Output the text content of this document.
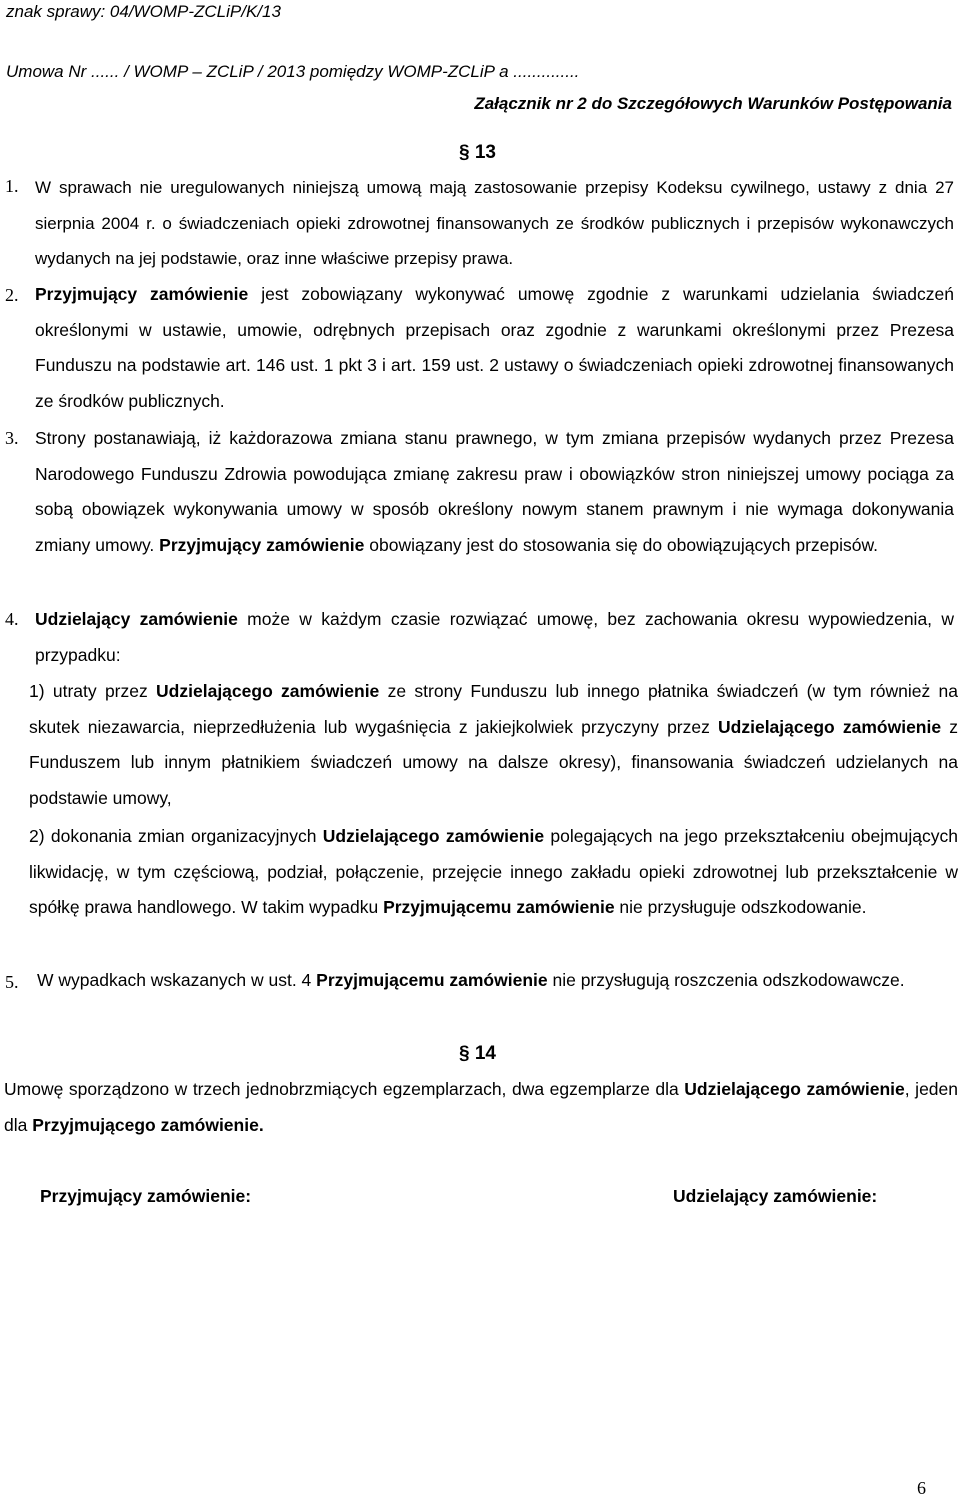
znak sprawy: 04/WOMP-ZCLiP/K/13
Umowa Nr ...... / WOMP – ZCLiP / 2013 pomiędzy WOMP-ZCLiP a ..............
Załącznik nr 2 do Szczegółowych Warunków Postępowania
§ 13
1. W sprawach nie uregulowanych niniejszą umową mają zastosowanie przepisy Kodeksu cywilnego, ustawy z dnia 27 sierpnia 2004 r. o świadczeniach opieki zdrowotnej finansowanych ze środków publicznych i przepisów wykonawczych wydanych na jej podstawie, oraz inne właściwe przepisy prawa.
2. Przyjmujący zamówienie jest zobowiązany wykonywać umowę zgodnie z warunkami udzielania świadczeń określonymi w ustawie, umowie, odrębnych przepisach oraz zgodnie z warunkami określonymi przez Prezesa Funduszu na podstawie art. 146 ust. 1 pkt 3 i art. 159 ust. 2 ustawy o świadczeniach opieki zdrowotnej finansowanych ze środków publicznych.
3. Strony postanawiają, iż każdorazowa zmiana stanu prawnego, w tym zmiana przepisów wydanych przez Prezesa Narodowego Funduszu Zdrowia powodująca zmianę zakresu praw i obowiązków stron niniejszej umowy pociąga za sobą obowiązek wykonywania umowy w sposób określony nowym stanem prawnym i nie wymaga dokonywania zmiany umowy. Przyjmujący zamówienie obowiązany jest do stosowania się do obowiązujących przepisów.
4. Udzielający zamówienie może w każdym czasie rozwiązać umowę, bez zachowania okresu wypowiedzenia, w przypadku:
1) utraty przez Udzielającego zamówienie ze strony Funduszu lub innego płatnika świadczeń (w tym również na skutek niezawarcia, nieprzedłużenia lub wygaśnięcia z jakiejkolwiek przyczyny przez Udzielającego zamówienie z Funduszem lub innym płatnikiem świadczeń umowy na dalsze okresy), finansowania świadczeń udzielanych na podstawie umowy,
2) dokonania zmian organizacyjnych Udzielającego zamówienie polegających na jego przekształceniu obejmujących likwidację, w tym częściową, podział, połączenie, przejęcie innego zakładu opieki zdrowotnej lub przekształcenie w spółkę prawa handlowego. W takim wypadku Przyjmującemu zamówienie nie przysługuje odszkodowanie.
5. W wypadkach wskazanych w ust. 4 Przyjmującemu zamówienie nie przysługują roszczenia odszkodowawcze.
§ 14
Umowę sporządzono w trzech jednobrzmiących egzemplarzach, dwa egzemplarze dla Udzielającego zamówienie, jeden dla Przyjmującego zamówienie.
Przyjmujący zamówienie:	Udzielający zamówienie:
6
